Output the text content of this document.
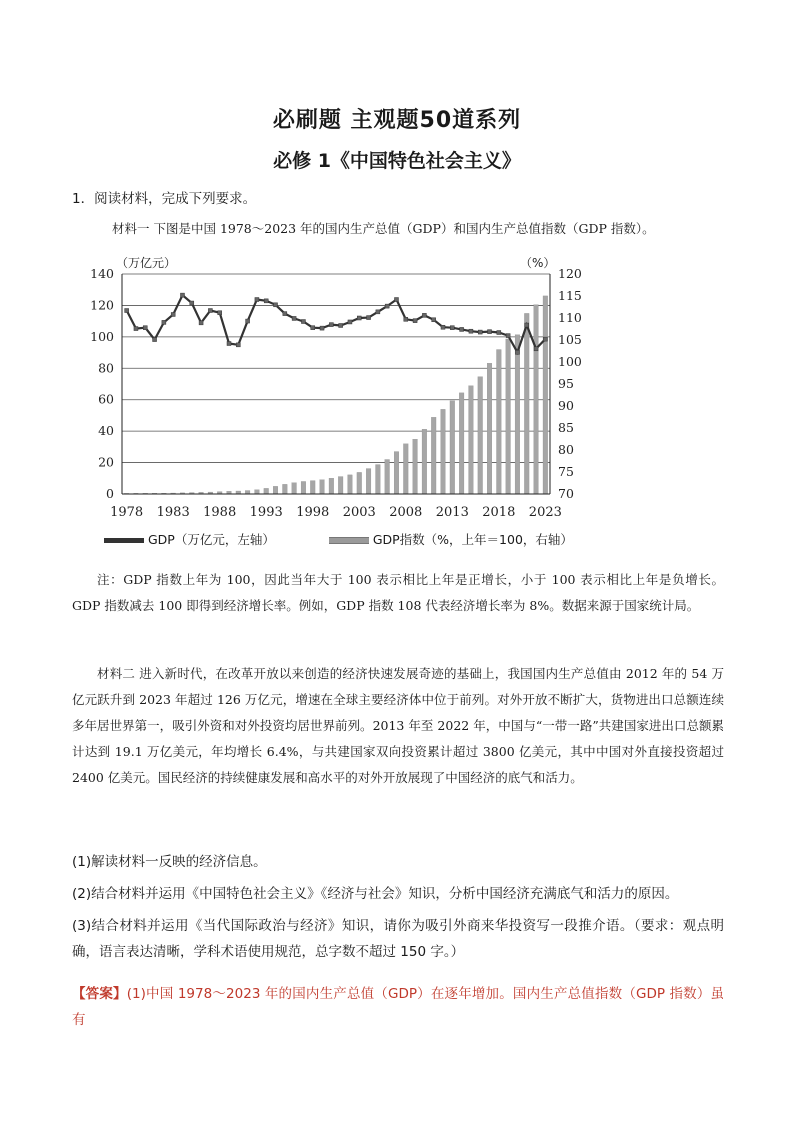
必刷题 主观题50道系列
必修 1《中国特色社会主义》
1．阅读材料，完成下列要求。
材料一 下图是中国 1978～2023 年的国内生产总值（GDP）和国内生产总值指数（GDP 指数）。
0
20
40
60
80
100
120
140
70
75
80
85
90
95
100
105
110
115
120
1978 1983 1988 1993 1998 2003 2008 2013 2018 2023
（万亿元）	（%）
GDP（万亿元，左轴）	GDP指数（%，上年＝100，右轴）

注：GDP 指数上年为 100，因此当年大于 100 表示相比上年是正增长，小于 100 表示相比上年是负增长。GDP 指数减去 100 即得到经济增长率。例如，GDP 指数 108 代表经济增长率为 8%。数据来源于国家统计局。

材料二 进入新时代，在改革开放以来创造的经济快速发展奇迹的基础上，我国国内生产总值由 2012 年的 54 万亿元跃升到 2023 年超过 126 万亿元，增速在全球主要经济体中位于前列。对外开放不断扩大，货物进出口总额连续多年居世界第一，吸引外资和对外投资均居世界前列。2013 年至 2022 年，中国与“一带一路”共建国家进出口总额累计达到 19.1 万亿美元，年均增长 6.4%，与共建国家双向投资累计超过 3800 亿美元，其中中国对外直接投资超过 2400 亿美元。国民经济的持续健康发展和高水平的对外开放展现了中国经济的底气和活力。

(1)解读材料一反映的经济信息。

(2)结合材料并运用《中国特色社会主义》《经济与社会》知识，分析中国经济充满底气和活力的原因。

(3)结合材料并运用《当代国际政治与经济》知识，请你为吸引外商来华投资写一段推介语。（要求：观点明确，语言表达清晰，学科术语使用规范，总字数不超过 150 字。）

【答案】(1)中国 1978～2023 年的国内生产总值（GDP）在逐年增加。国内生产总值指数（GDP 指数）虽有
